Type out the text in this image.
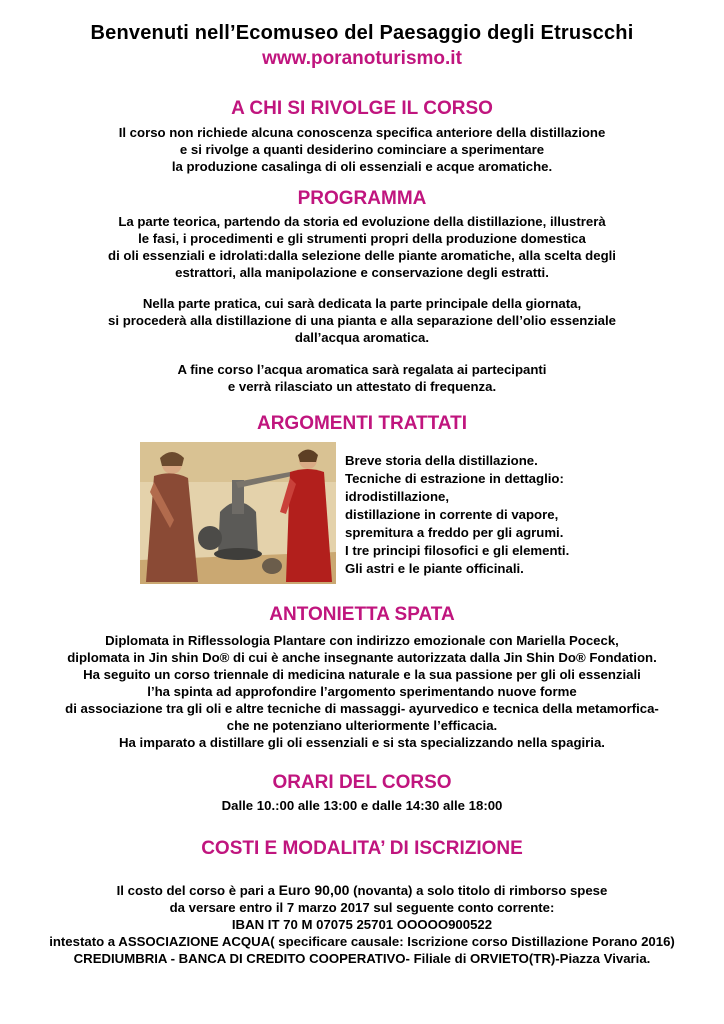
Benvenuti nell’Ecomuseo del Paesaggio degli Etruscchi
www.poranoturismo.it
A CHI SI RIVOLGE IL CORSO
Il corso non richiede alcuna conoscenza specifica anteriore della distillazione
e si rivolge a quanti desiderino cominciare a sperimentare
la produzione casalinga di oli essenziali e acque aromatiche.
PROGRAMMA
La parte teorica, partendo da storia ed evoluzione della distillazione, illustrerà
le fasi, i procedimenti e gli strumenti propri della produzione domestica
di oli essenziali e idrolati:dalla selezione delle piante aromatiche, alla scelta degli
estrattori, alla manipolazione e conservazione degli estratti.
Nella parte pratica, cui sarà dedicata la parte principale della giornata,
si procederà alla distillazione di una pianta e alla separazione dell’olio essenziale
dall’acqua aromatica.
A fine corso l’acqua aromatica sarà regalata ai partecipanti
e verrà rilasciato un attestato di frequenza.
ARGOMENTI TRATTATI
Breve storia della distillazione.
Tecniche di estrazione in dettaglio:
idrodistillazione,
distillazione in corrente di vapore,
spremitura a freddo per gli agrumi.
I tre principi filosofici e gli elementi.
Gli astri e le piante officinali.
ANTONIETTA SPATA
Diplomata in Riflessologia Plantare con indirizzo emozionale con Mariella Poceck,
diplomata in Jin shin Do® di cui è anche insegnante autorizzata dalla Jin Shin Do® Fondation.
Ha seguito un corso triennale di medicina naturale e la sua passione per gli oli essenziali
l’ha spinta ad approfondire l’argomento sperimentando nuove forme
di associazione tra gli oli e altre tecniche di massaggi- ayurvedico e tecnica della metamorfica-
che ne potenziano ulteriormente l’efficacia.
Ha imparato a distillare gli oli essenziali e si sta specializzando nella spagiria.
ORARI DEL CORSO
Dalle 10.:00 alle 13:00 e dalle 14:30 alle 18:00
COSTI E MODALITA’ DI ISCRIZIONE
Il costo del corso è pari a Euro 90,00 (novanta) a solo titolo di rimborso spese
da versare entro il 7 marzo 2017 sul seguente conto corrente:
IBAN IT 70 M 07075 25701 OOOOO900522
intestato a ASSOCIAZIONE ACQUA( specificare causale: Iscrizione corso Distillazione Porano 2016)
CREDIUMBRIA - BANCA DI CREDITO COOPERATIVO- Filiale di ORVIETO(TR)-Piazza Vivaria.
